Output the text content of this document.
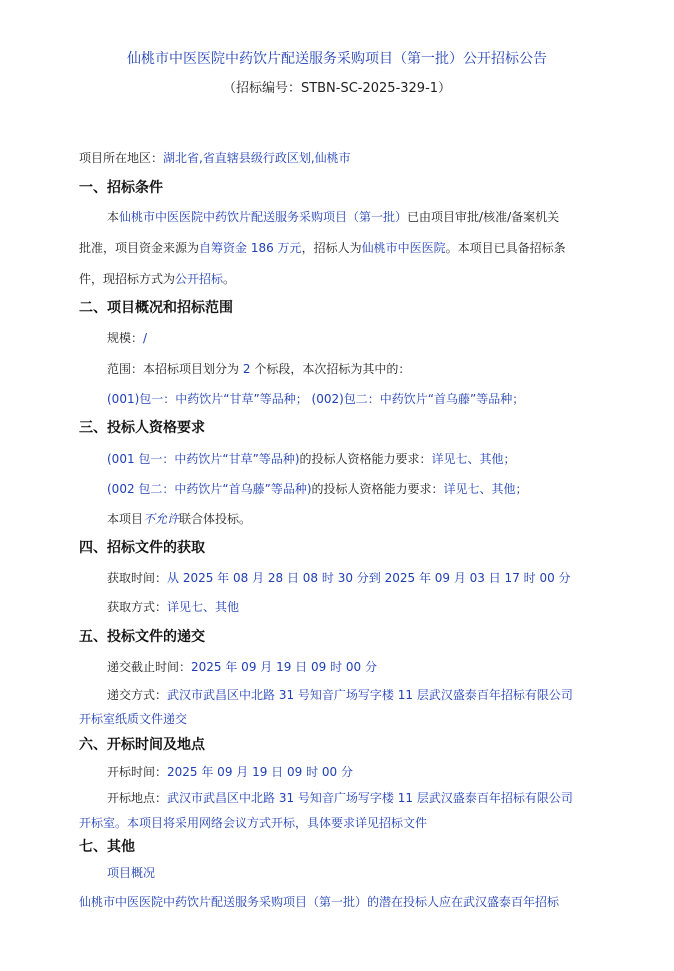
仙桃市中医医院中药饮片配送服务采购项目（第一批）公开招标公告
（招标编号：STBN-SC-2025-329-1）
项目所在地区：湖北省,省直辖县级行政区划,仙桃市
一、招标条件
本仙桃市中医医院中药饮片配送服务采购项目（第一批）已由项目审批/核准/备案机关
批准，项目资金来源为自筹资金 186 万元，招标人为仙桃市中医医院。本项目已具备招标条
件，现招标方式为公开招标。
二、项目概况和招标范围
规模：/
范围：本招标项目划分为 2 个标段，本次招标为其中的：
(001)包一：中药饮片“甘草”等品种； (002)包二：中药饮片“首乌藤”等品种；
三、投标人资格要求
(001 包一：中药饮片“甘草”等品种)的投标人资格能力要求：详见七、其他；
(002 包二：中药饮片“首乌藤”等品种)的投标人资格能力要求：详见七、其他；
本项目不允许联合体投标。
四、招标文件的获取
获取时间：从 2025 年 08 月 28 日 08 时 30 分到 2025 年 09 月 03 日 17 时 00 分
获取方式：详见七、其他
五、投标文件的递交
递交截止时间：2025 年 09 月 19 日 09 时 00 分
递交方式：武汉市武昌区中北路 31 号知音广场写字楼 11 层武汉盛泰百年招标有限公司
开标室纸质文件递交
六、开标时间及地点
开标时间：2025 年 09 月 19 日 09 时 00 分
开标地点：武汉市武昌区中北路 31 号知音广场写字楼 11 层武汉盛泰百年招标有限公司
开标室。本项目将采用网络会议方式开标，具体要求详见招标文件
七、其他
项目概况
仙桃市中医医院中药饮片配送服务采购项目（第一批）的潜在投标人应在武汉盛泰百年招标
